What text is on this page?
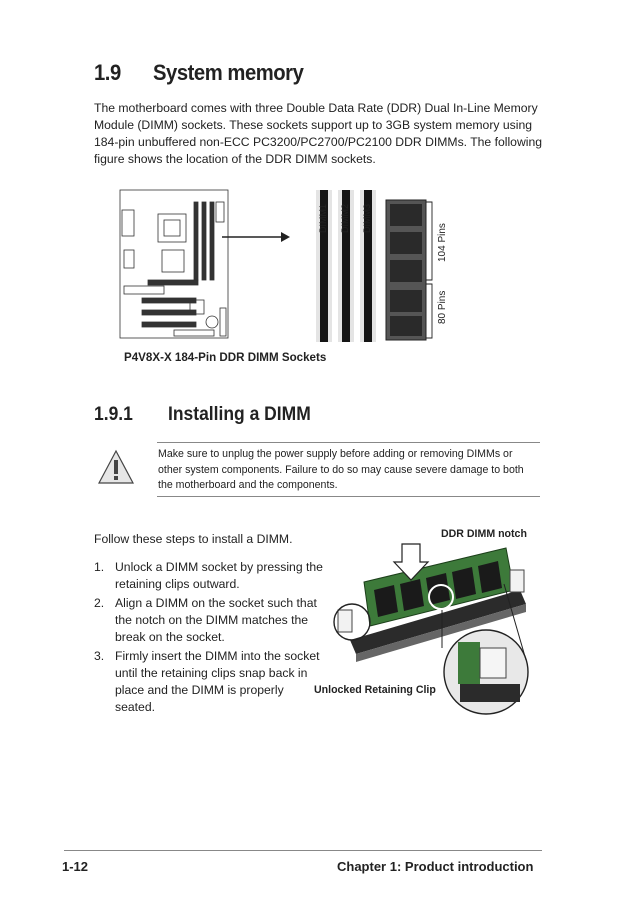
1.9 System memory
The motherboard comes with three Double Data Rate (DDR) Dual In-Line Memory Module (DIMM) sockets. These sockets support up to 3GB system memory using 184-pin unbuffered non-ECC PC3200/PC2700/PC2100 DDR DIMMs. The following figure shows the location of the DDR DIMM sockets.
DIMM1 DIMM2 DIMM3
104 Pins
80 Pins
P4V8X-X 184-Pin DDR DIMM Sockets
1.9.1 Installing a DIMM
Make sure to unplug the power supply before adding or removing DIMMs or other system components. Failure to do so may cause severe damage to both the motherboard and the components.
Follow these steps to install a DIMM.
1. Unlock a DIMM socket by pressing the retaining clips outward.
2. Align a DIMM on the socket such that the notch on the DIMM matches the break on the socket.
3. Firmly insert the DIMM into the socket until the retaining clips snap back in place and the DIMM is properly seated.
DDR DIMM notch
Unlocked Retaining Clip
1-12	Chapter 1: Product introduction
